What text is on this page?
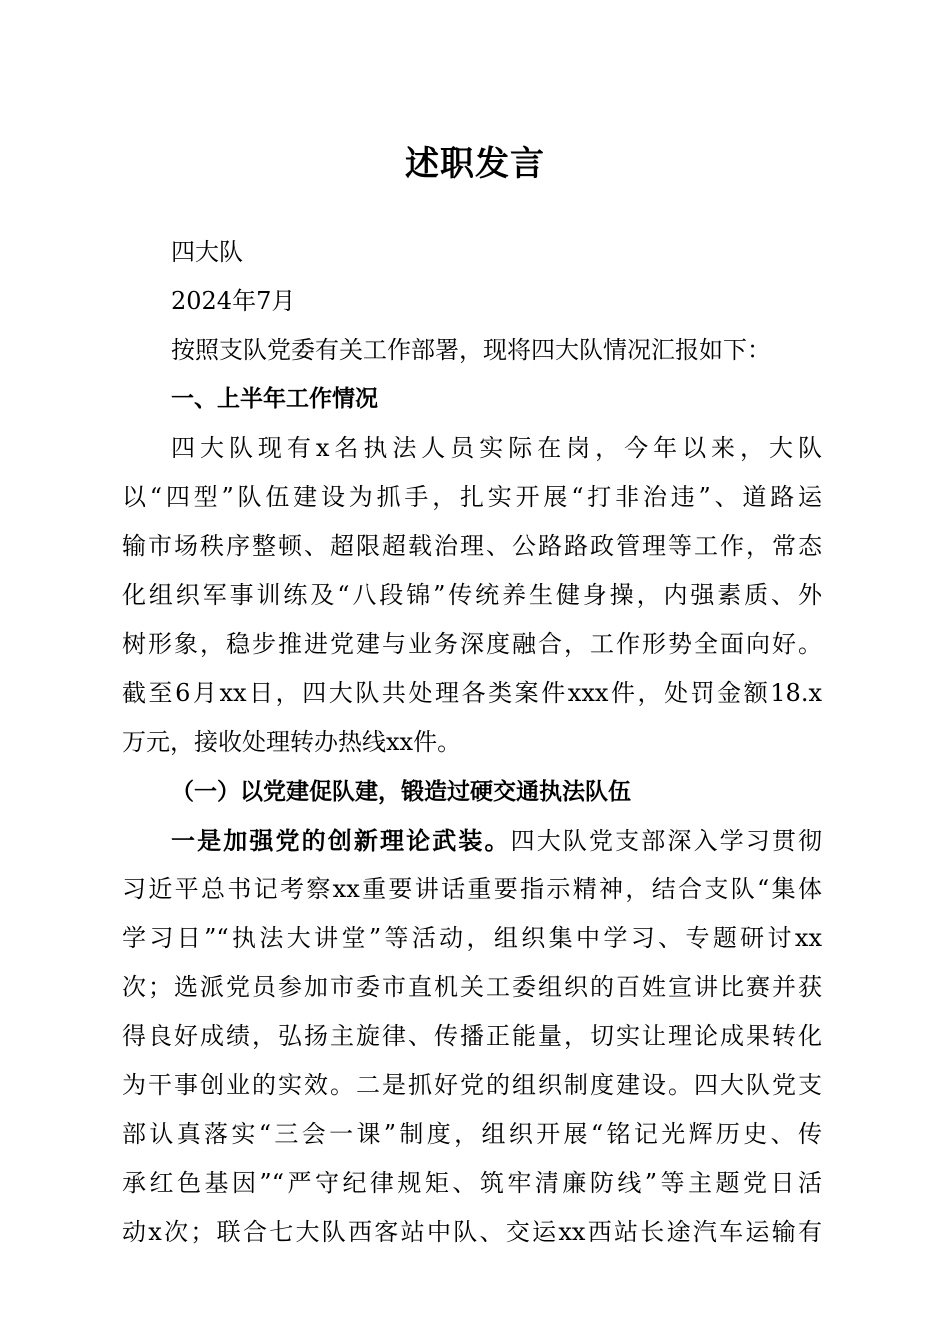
述职发言
四大队
2024年7月
按照支队党委有关工作部署，现将四大队情况汇报如下：
一、上半年工作情况
四大队现有x名执法人员实际在岗，今年以来，大队
以“四型”队伍建设为抓手，扎实开展“打非治违”、道路运
输市场秩序整顿、超限超载治理、公路路政管理等工作，常态
化组织军事训练及“八段锦”传统养生健身操，内强素质、外
树形象，稳步推进党建与业务深度融合，工作形势全面向好。
截至6月xx日，四大队共处理各类案件xxx件，处罚金额18.x
万元，接收处理转办热线xx件。
（一）以党建促队建，锻造过硬交通执法队伍
一是加强党的创新理论武装。四大队党支部深入学习贯彻
习近平总书记考察xx重要讲话重要指示精神，结合支队“集体
学习日”“执法大讲堂”等活动，组织集中学习、专题研讨xx
次；选派党员参加市委市直机关工委组织的百姓宣讲比赛并获
得良好成绩，弘扬主旋律、传播正能量，切实让理论成果转化
为干事创业的实效。二是抓好党的组织制度建设。四大队党支
部认真落实“三会一课”制度，组织开展“铭记光辉历史、传
承红色基因”“严守纪律规矩、筑牢清廉防线”等主题党日活
动x次；联合七大队西客站中队、交运xx西站长途汽车运输有
